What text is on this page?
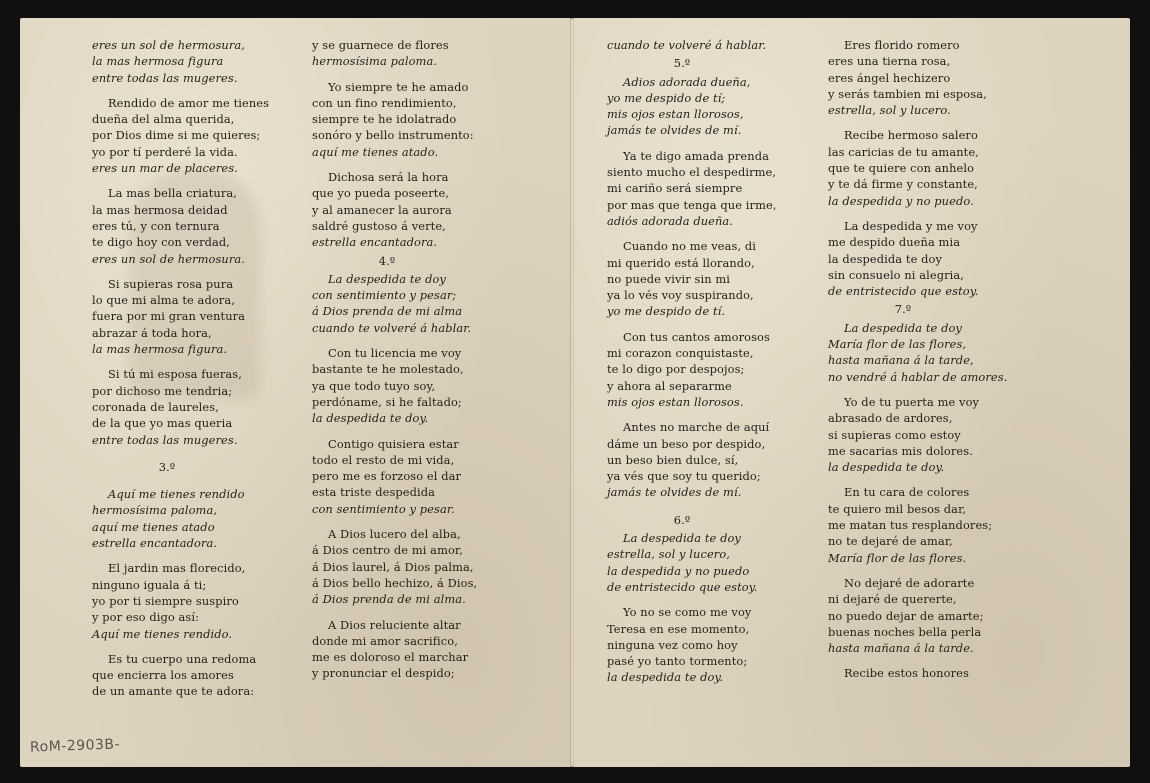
eres un sol de hermosura,
la mas hermosa figura
entre todas las mugeres.
Rendido de amor me tienes
dueña del alma querida,
por Dios dime si me quieres;
yo por tí perderé la vida.
eres un mar de placeres.
La mas bella criatura,
la mas hermosa deidad
eres tú, y con ternura
te digo hoy con verdad,
eres un sol de hermosura.
Si supieras rosa pura
lo que mi alma te adora,
fuera por mi gran ventura
abrazar á toda hora,
la mas hermosa figura.
Si tú mi esposa fueras,
por dichoso me tendria;
coronada de laureles,
de la que yo mas queria
entre todas las mugeres.
3.º
Aquí me tienes rendido
hermosísima paloma,
aquí me tienes atado
estrella encantadora.
El jardin mas florecido,
ninguno iguala á ti;
yo por ti siempre suspiro
y por eso digo así:
Aquí me tienes rendido.
Es tu cuerpo una redoma
que encierra los amores
de un amante que te adora:
y se guarnece de flores
hermosísima paloma.
Yo siempre te he amado
con un fino rendimiento,
siempre te he idolatrado
sonóro y bello instrumento:
aquí me tienes atado.
Dichosa será la hora
que yo pueda poseerte,
y al amanecer la aurora
saldré gustoso á verte,
estrella encantadora.
4.º
La despedida te doy
con sentimiento y pesar;
á Dios prenda de mi alma
cuando te volveré á hablar.
Con tu licencia me voy
bastante te he molestado,
ya que todo tuyo soy,
perdóname, si he faltado;
la despedida te doy.
Contigo quisiera estar
todo el resto de mi vida,
pero me es forzoso el dar
esta triste despedida
con sentimiento y pesar.
A Dios lucero del alba,
á Dios centro de mi amor,
á Dios laurel, á Dios palma,
á Dios bello hechizo, á Dios,
á Dios prenda de mi alma.
A Dios reluciente altar
donde mi amor sacrifico,
me es doloroso el marchar
y pronunciar el despido;
cuando te volveré á hablar.
5.º
Adios adorada dueña,
yo me despido de tí;
mis ojos estan llorosos,
jamás te olvides de mí.
Ya te digo amada prenda
siento mucho el despedirme,
mi cariño será siempre
por mas que tenga que irme,
adiós adorada dueña.
Cuando no me veas, di
mi querido está llorando,
no puede vivir sin mi
ya lo vés voy suspirando,
yo me despido de tí.
Con tus cantos amorosos
mi corazon conquistaste,
te lo digo por despojos;
y ahora al separarme
mis ojos estan llorosos.
Antes no marche de aquí
dáme un beso por despido,
un beso bien dulce, sí,
ya vés que soy tu querido;
jamás te olvides de mí.
6.º
La despedida te doy
estrella, sol y lucero,
la despedida y no puedo
de entristecido que estoy.
Yo no se como me voy
Teresa en ese momento,
ninguna vez como hoy
pasé yo tanto tormento;
la despedida te doy.
Eres florido romero
eres una tierna rosa,
eres ángel hechizero
y serás tambien mi esposa,
estrella, sol y lucero.
Recibe hermoso salero
las caricias de tu amante,
que te quiere con anhelo
y te dá firme y constante,
la despedida y no puedo.
La despedida y me voy
me despido dueña mia
la despedida te doy
sin consuelo ni alegria,
de entristecido que estoy.
7.º
La despedida te doy
María flor de las flores,
hasta mañana á la tarde,
no vendré á hablar de amores.
Yo de tu puerta me voy
abrasado de ardores,
si supieras como estoy
me sacarias mis dolores.
la despedida te doy.
En tu cara de colores
te quiero mil besos dar,
me matan tus resplandores;
no te dejaré de amar,
María flor de las flores.
No dejaré de adorarte
ni dejaré de quererte,
no puedo dejar de amarte;
buenas noches bella perla
hasta mañana á la tarde.
Recibe estos honores
RoM-2903B-
